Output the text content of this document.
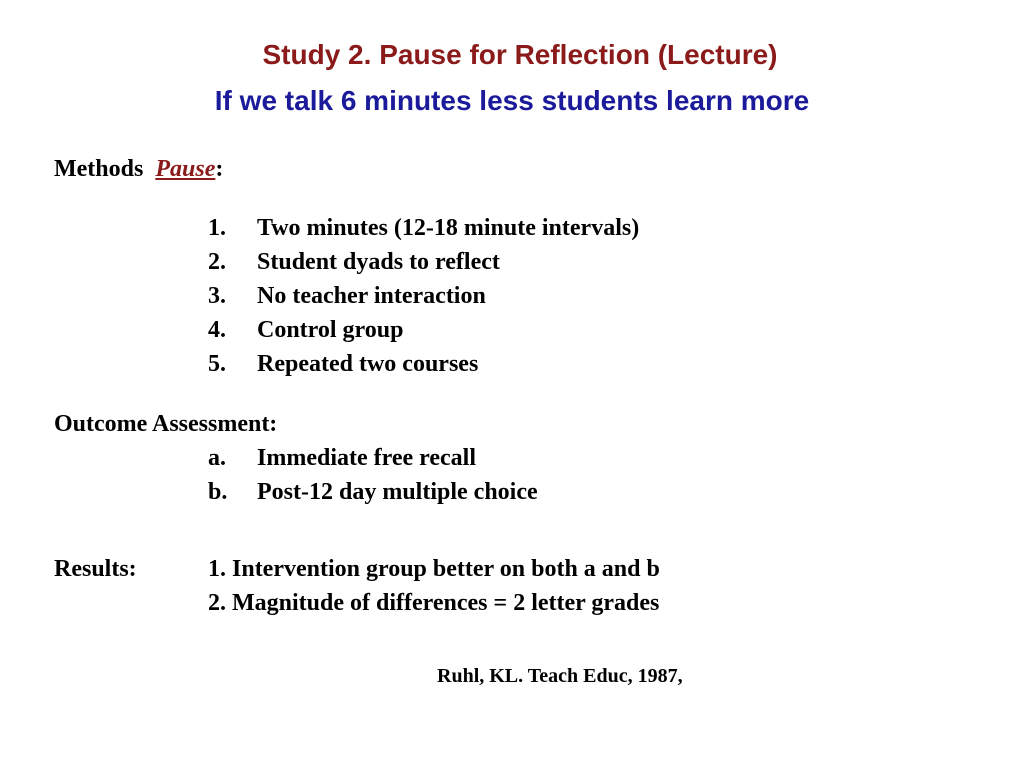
Study 2. Pause for Reflection (Lecture)
If we talk 6 minutes less students learn more
Methods Pause:
1. Two minutes (12-18 minute intervals)
2. Student dyads to reflect
3. No teacher interaction
4. Control group
5. Repeated two courses
Outcome Assessment:
a. Immediate free recall
b. Post-12 day multiple choice
Results:	1. Intervention group better on both a and b
2. Magnitude of differences = 2 letter grades
Ruhl, KL. Teach Educ, 1987,
